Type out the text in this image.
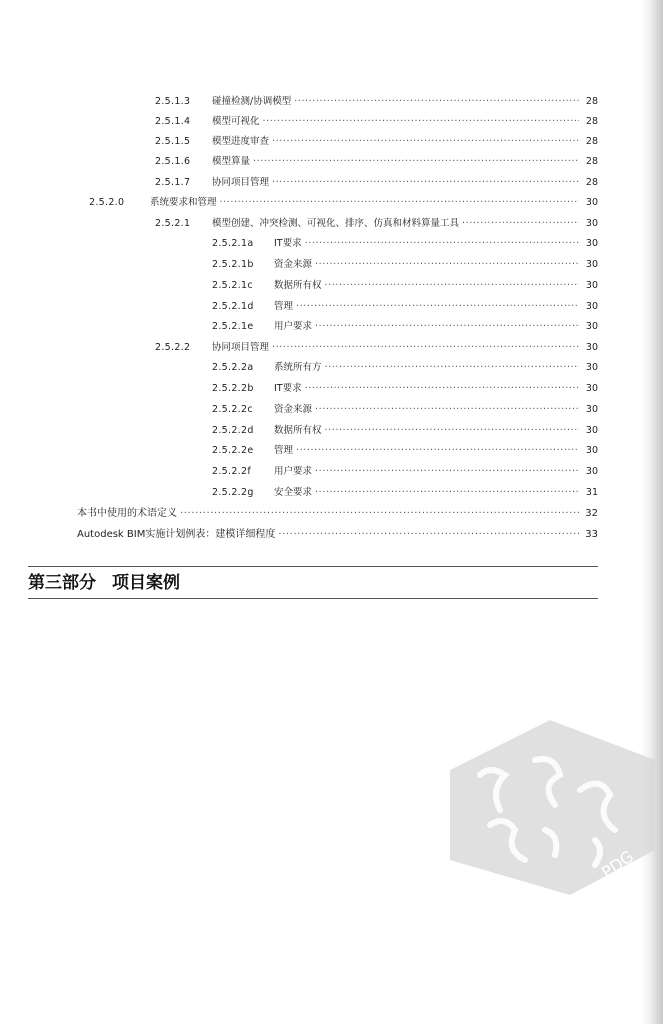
2.5.1.3	碰撞检测/协调模型 ·····	28
2.5.1.4	模型可视化 ·····	28
2.5.1.5	模型进度审查 ·····	28
2.5.1.6	模型算量 ·····	28
2.5.1.7	协同项目管理 ·····	28
2.5.2.0	系统要求和管理 ·····	30
2.5.2.1	模型创建、冲突检测、可视化、排序、仿真和材料算量工具 ·····	30
2.5.2.1a	IT要求 ·····	30
2.5.2.1b	资金来源 ·····	30
2.5.2.1c	数据所有权 ·····	30
2.5.2.1d	管理 ·····	30
2.5.2.1e	用户要求 ·····	30
2.5.2.2	协同项目管理 ·····	30
2.5.2.2a	系统所有方 ·····	30
2.5.2.2b	IT要求 ·····	30
2.5.2.2c	资金来源 ·····	30
2.5.2.2d	数据所有权 ·····	30
2.5.2.2e	管理 ·····	30
2.5.2.2f	用户要求 ·····	30
2.5.2.2g	安全要求 ·····	31
本书中使用的术语定义 ·····	32
Autodesk BIM实施计划例表：建模详细程度 ·····	33
第三部分 项目案例
PDG
